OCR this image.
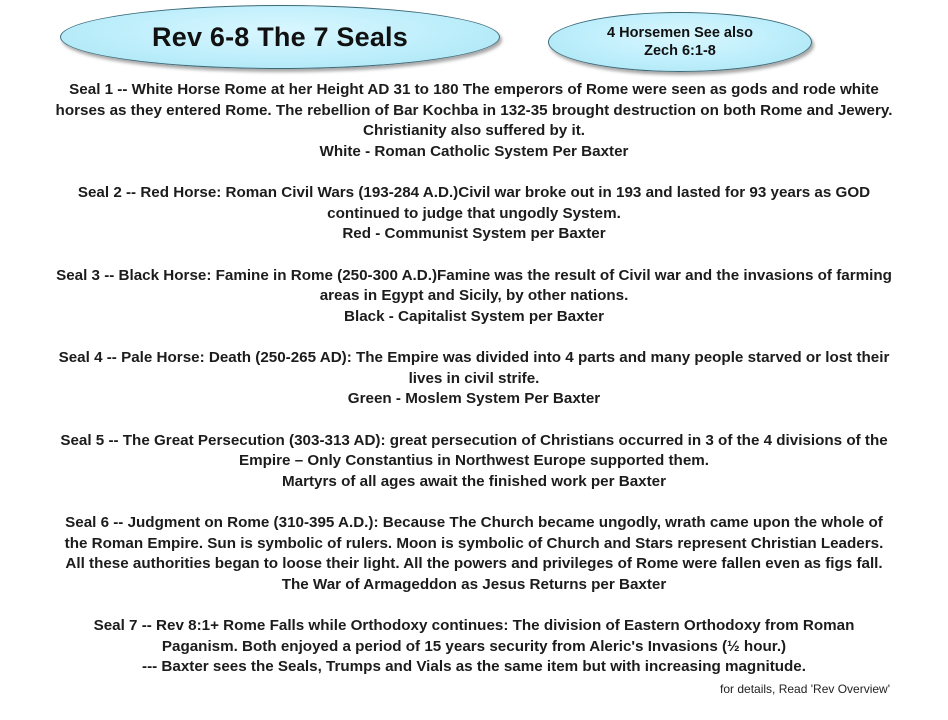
Rev 6-8 The 7 Seals	4 Horsemen See also
Zech 6:1-8

Seal 1 -- White Horse Rome at her Height AD 31 to 180 The emperors of Rome were seen as gods and rode white

horses as they entered Rome. The rebellion of Bar Kochba in 132-35 brought destruction on both Rome and Jewery.

Christianity also suffered by it.

White - Roman Catholic System Per Baxter

Seal 2 -- Red Horse: Roman Civil Wars (193-284 A.D.)Civil war broke out in 193 and lasted for 93 years as GOD

continued to judge that ungodly System.

Red - Communist System per Baxter

Seal 3 -- Black Horse: Famine in Rome (250-300 A.D.)Famine was the result of Civil war and the invasions of farming

areas in Egypt and Sicily, by other nations.

Black - Capitalist System per Baxter

Seal 4 -- Pale Horse: Death (250-265 AD): The Empire was divided into 4 parts and many people starved or lost their

lives in civil strife.

Green - Moslem System Per Baxter

Seal 5 -- The Great Persecution (303-313 AD): great persecution of Christians occurred in 3 of the 4 divisions of the

Empire – Only Constantius in Northwest Europe supported them.

Martyrs of all ages await the finished work per Baxter

Seal 6 -- Judgment on Rome (310-395 A.D.): Because The Church became ungodly, wrath came upon the whole of

the Roman Empire. Sun is symbolic of rulers. Moon is symbolic of Church and Stars represent Christian Leaders.

All these authorities began to loose their light. All the powers and privileges of Rome were fallen even as figs fall.

The War of Armageddon as Jesus Returns per Baxter

Seal 7 -- Rev 8:1+ Rome Falls while Orthodoxy continues: The division of Eastern Orthodoxy from Roman

Paganism. Both enjoyed a period of 15 years security from Aleric's Invasions (½ hour.)

--- Baxter sees the Seals, Trumps and Vials as the same item but with increasing magnitude.

for details, Read 'Rev Overview'
